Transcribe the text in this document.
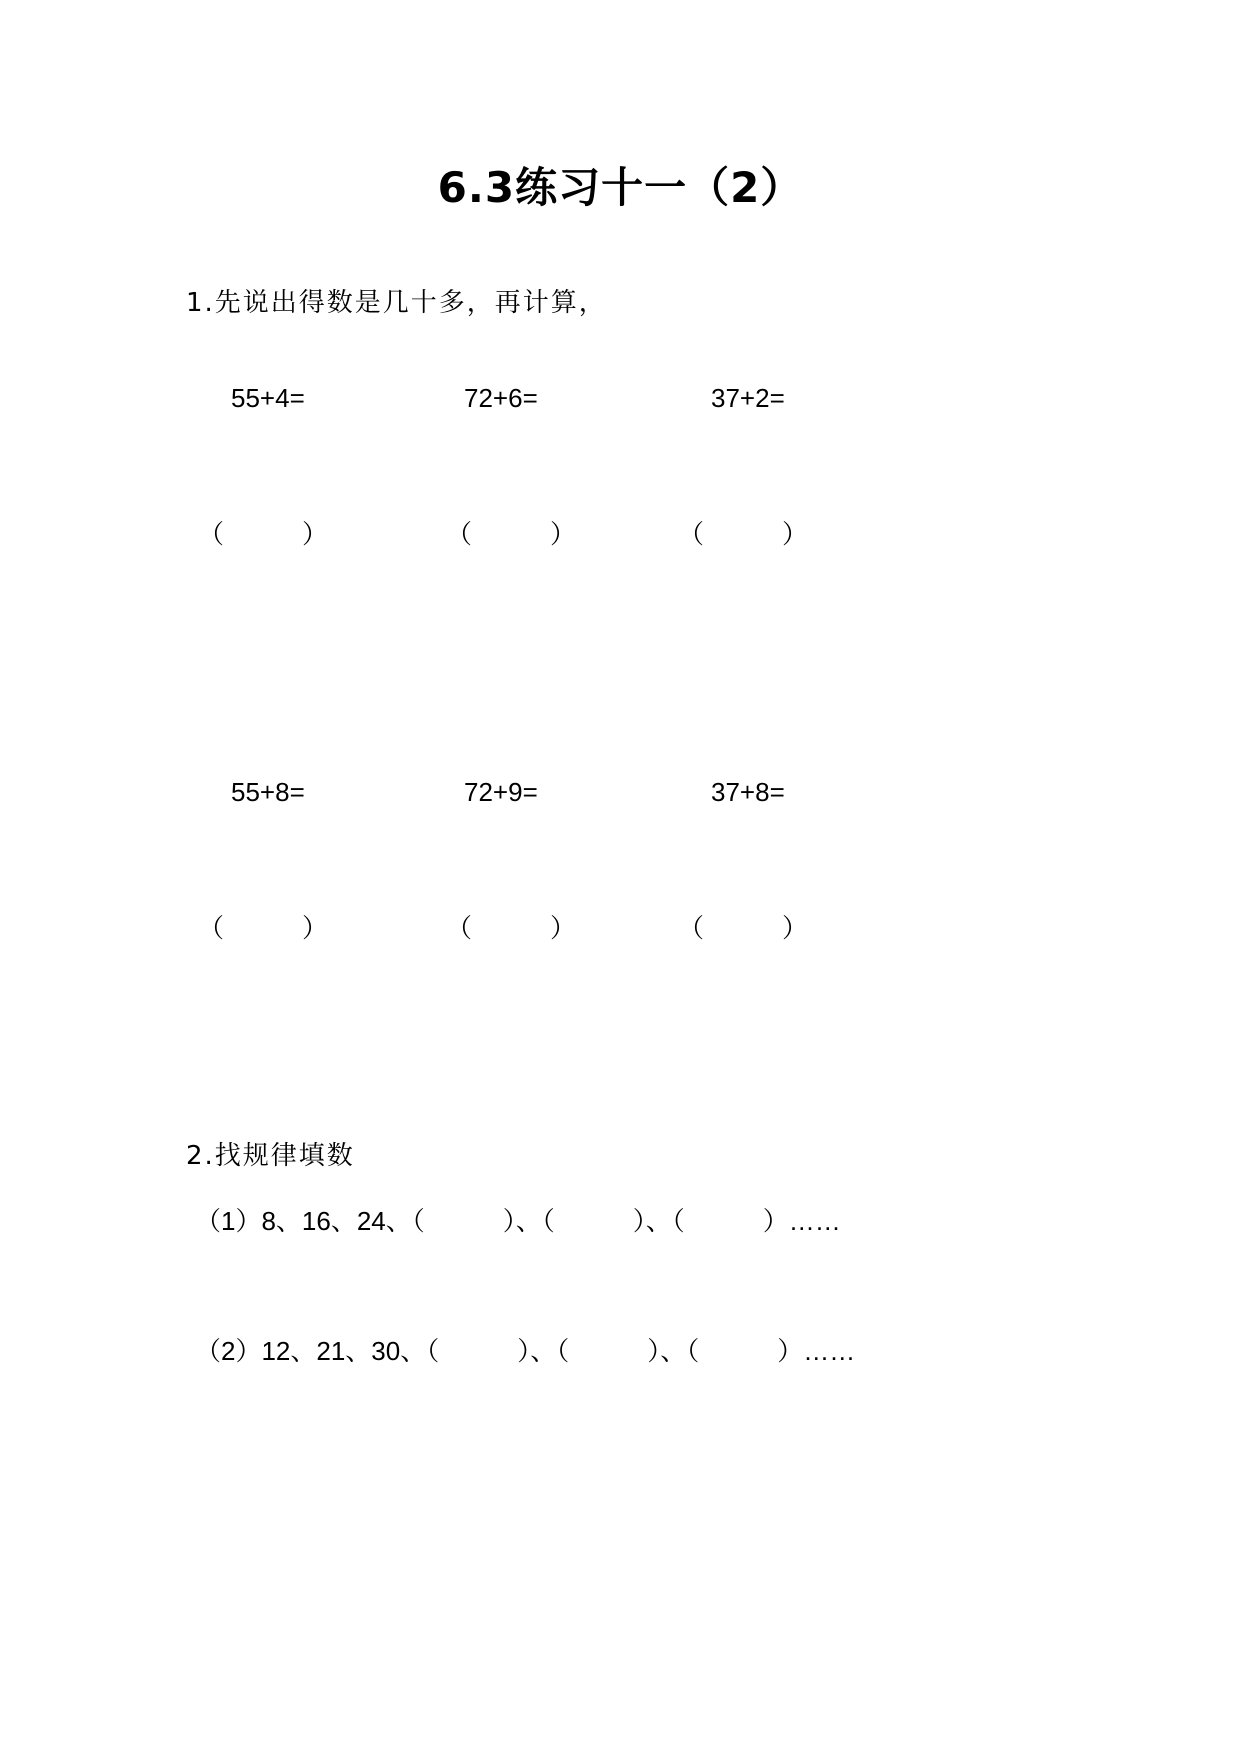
6.3练习十一（2）
1.先说出得数是几十多，再计算，
55+4=	72+6=	37+2=
（　　　）	（　　　）	（　　　）
55+8=	72+9=	37+8=
（　　　）	（　　　）	（　　　）
2.找规律填数
（1）8、16、24、（　　　）、（　　　）、（　　　）……
（2）12、21、30、（　　　）、（　　　）、（　　　）……
